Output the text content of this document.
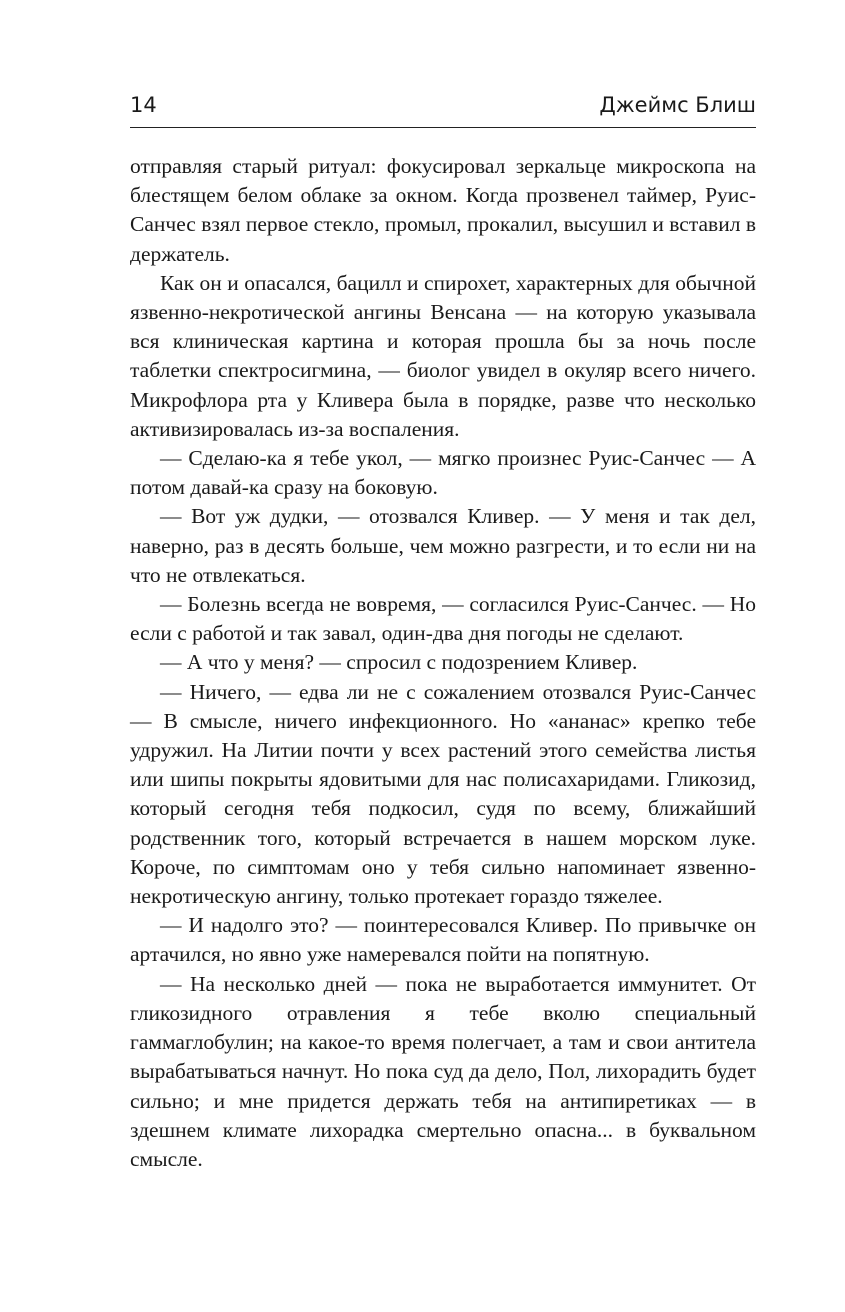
14	Джеймс Блиш

отправляя старый ритуал: фокусировал зеркальце микроскопа на блестящем белом облаке за окном. Когда прозвенел таймер, Руис-Санчес взял первое стекло, промыл, прокалил, высушил и вставил в держатель.

Как он и опасался, бацилл и спирохет, характерных для обычной язвенно-некротической ангины Венсана — на которую указывала вся клиническая картина и которая прошла бы за ночь после таблетки спектросигмина, — биолог увидел в окуляр всего ничего. Микрофлора рта у Кливера была в порядке, разве что несколько активизировалась из-за воспаления.

— Сделаю-ка я тебе укол, — мягко произнес Руис-Санчес — А потом давай-ка сразу на боковую.

— Вот уж дудки, — отозвался Кливер. — У меня и так дел, наверно, раз в десять больше, чем можно разгрести, и то если ни на что не отвлекаться.

— Болезнь всегда не вовремя, — согласился Руис-Санчес. — Но если с работой и так завал, один-два дня погоды не сделают.

— А что у меня? — спросил с подозрением Кливер.

— Ничего, — едва ли не с сожалением отозвался Руис-Санчес — В смысле, ничего инфекционного. Но «ананас» крепко тебе удружил. На Литии почти у всех растений этого семейства листья или шипы покрыты ядовитыми для нас полисахаридами. Гликозид, который сегодня тебя подкосил, судя по всему, ближайший родственник того, который встречается в нашем морском луке. Короче, по симптомам оно у тебя сильно напоминает язвенно-некротическую ангину, только протекает гораздо тяжелее.

— И надолго это? — поинтересовался Кливер. По привычке он артачился, но явно уже намеревался пойти на попятную.

— На несколько дней — пока не выработается иммунитет. От гликозидного отравления я тебе вколю специальный гаммаглобулин; на какое-то время полегчает, а там и свои антитела вырабатываться начнут. Но пока суд да дело, Пол, лихорадить будет сильно; и мне придется держать тебя на антипиретиках — в здешнем климате лихорадка смертельно опасна... в буквальном смысле.
